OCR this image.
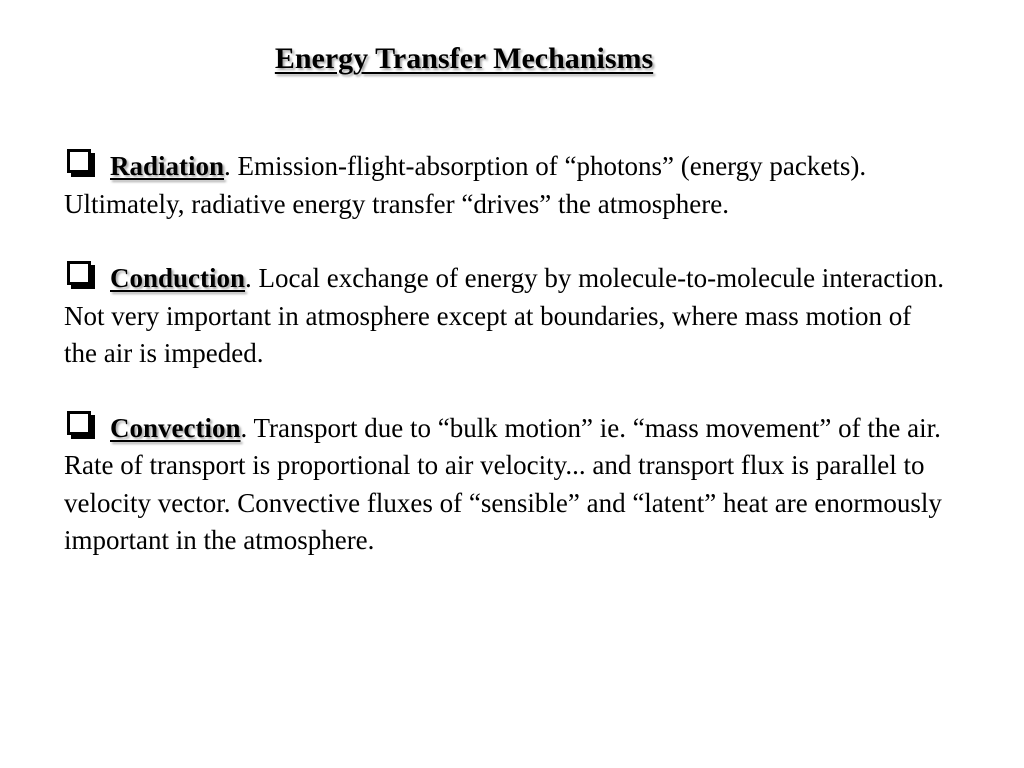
Energy Transfer Mechanisms

Radiation. Emission-flight-absorption of “photons” (energy packets). Ultimately, radiative energy transfer “drives” the atmosphere.

Conduction. Local exchange of energy by molecule-to-molecule interaction. Not very important in atmosphere except at boundaries, where mass motion of the air is impeded.

Convection. Transport due to “bulk motion” ie. “mass movement” of the air. Rate of transport is proportional to air velocity... and transport flux is parallel to velocity vector. Convective fluxes of “sensible” and “latent” heat are enormously important in the atmosphere.
